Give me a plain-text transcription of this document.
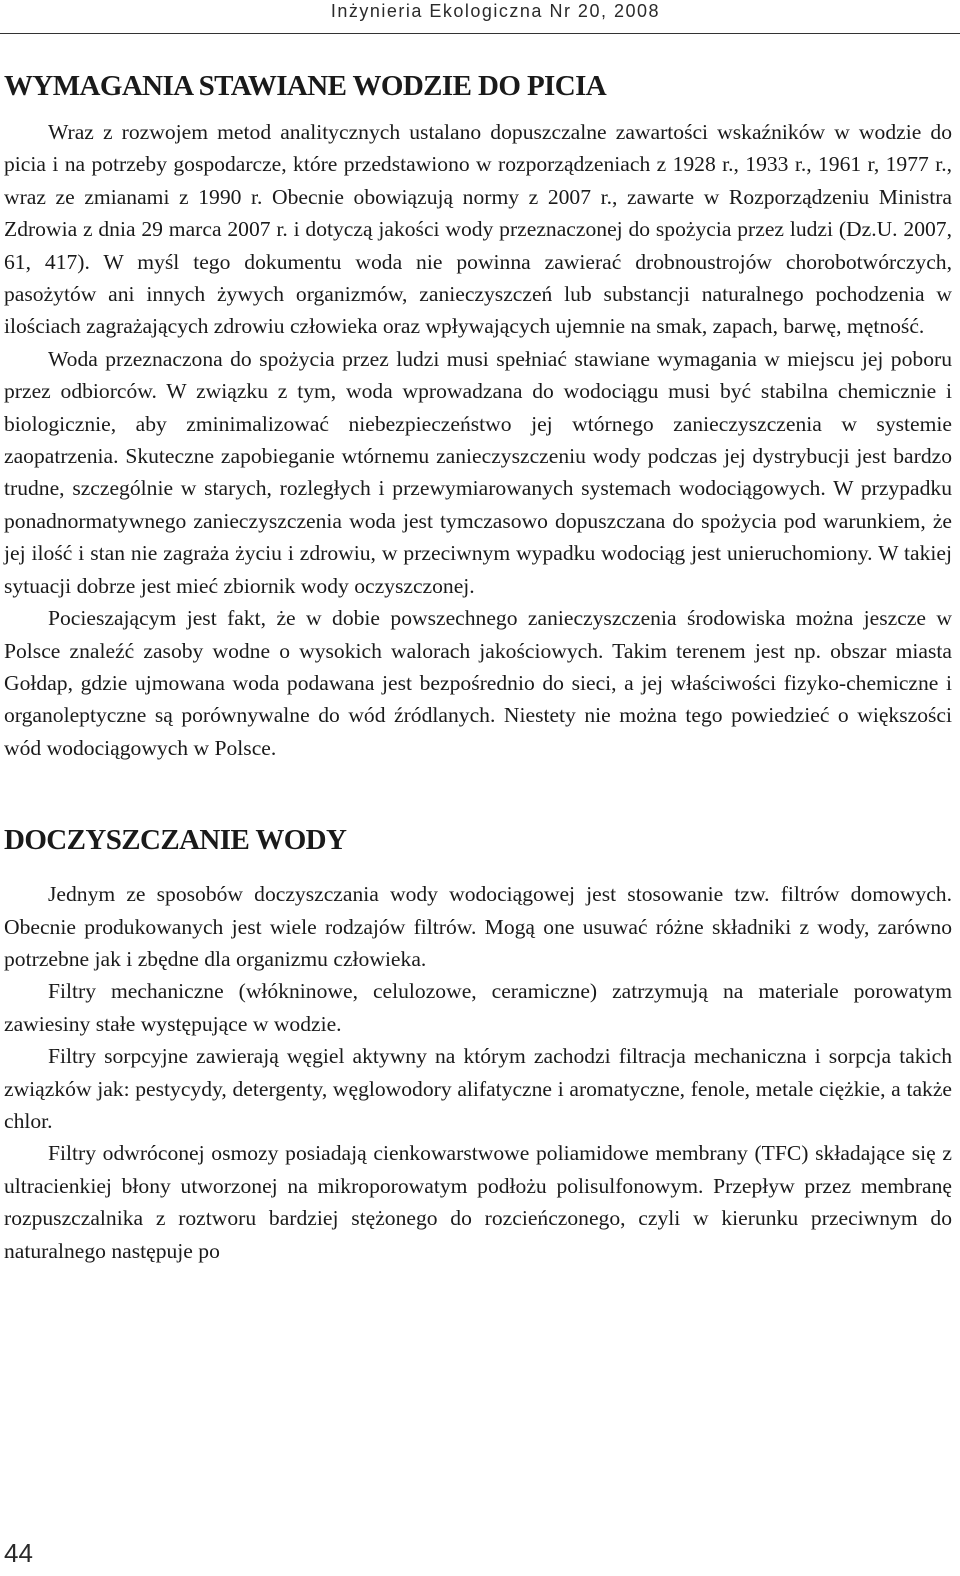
Inżynieria Ekologiczna Nr 20, 2008
WYMAGANIA STAWIANE WODZIE DO PICIA

Wraz z rozwojem metod analitycznych ustalano dopuszczalne zawartości wskaźników w wodzie do picia i na potrzeby gospodarcze, które przedstawiono w rozporządzeniach z 1928 r., 1933 r., 1961 r, 1977 r., wraz ze zmianami z 1990 r. Obecnie obowiązują normy z 2007 r., zawarte w Rozporządzeniu Ministra Zdrowia z dnia 29 marca 2007 r. i dotyczą jakości wody przeznaczonej do spożycia przez ludzi (Dz.U. 2007, 61, 417). W myśl tego dokumentu woda nie powinna zawierać drobnoustrojów chorobotwórczych, pasożytów ani innych żywych organizmów, zanieczyszczeń lub substancji naturalnego pochodzenia w ilościach zagrażających zdrowiu człowieka oraz wpływających ujemnie na smak, zapach, barwę, mętność.

Woda przeznaczona do spożycia przez ludzi musi spełniać stawiane wymagania w miejscu jej poboru przez odbiorców. W związku z tym, woda wprowadzana do wodociągu musi być stabilna chemicznie i biologicznie, aby zminimalizować niebezpieczeństwo jej wtórnego zanieczyszczenia w systemie zaopatrzenia. Skuteczne zapobieganie wtórnemu zanieczyszczeniu wody podczas jej dystrybucji jest bardzo trudne, szczególnie w starych, rozległych i przewymiarowanych systemach wodociągowych. W przypadku ponadnormatywnego zanieczyszczenia woda jest tymczasowo dopuszczana do spożycia pod warunkiem, że jej ilość i stan nie zagraża życiu i zdrowiu, w przeciwnym wypadku wodociąg jest unieruchomiony. W takiej sytuacji dobrze jest mieć zbiornik wody oczyszczonej.

Pocieszającym jest fakt, że w dobie powszechnego zanieczyszczenia środowiska można jeszcze w Polsce znaleźć zasoby wodne o wysokich walorach jakościowych. Takim terenem jest np. obszar miasta Gołdap, gdzie ujmowana woda podawana jest bezpośrednio do sieci, a jej właściwości fizyko-chemiczne i organoleptyczne są porównywalne do wód źródlanych. Niestety nie można tego powiedzieć o większości wód wodociągowych w Polsce.

DOCZYSZCZANIE WODY

Jednym ze sposobów doczyszczania wody wodociągowej jest stosowanie tzw. filtrów domowych. Obecnie produkowanych jest wiele rodzajów filtrów. Mogą one usuwać różne składniki z wody, zarówno potrzebne jak i zbędne dla organizmu człowieka.

Filtry mechaniczne (włókninowe, celulozowe, ceramiczne) zatrzymują na materiale porowatym zawiesiny stałe występujące w wodzie.

Filtry sorpcyjne zawierają węgiel aktywny na którym zachodzi filtracja mechaniczna i sorpcja takich związków jak: pestycydy, detergenty, węglowodory alifatyczne i aromatyczne, fenole, metale ciężkie, a także chlor.

Filtry odwróconej osmozy posiadają cienkowarstwowe poliamidowe membrany (TFC) składające się z ultracienkiej błony utworzonej na mikroporowatym podłożu polisulfonowym. Przepływ przez membranę rozpuszczalnika z roztworu bardziej stężonego do rozcieńczonego, czyli w kierunku przeciwnym do naturalnego następuje po

44
